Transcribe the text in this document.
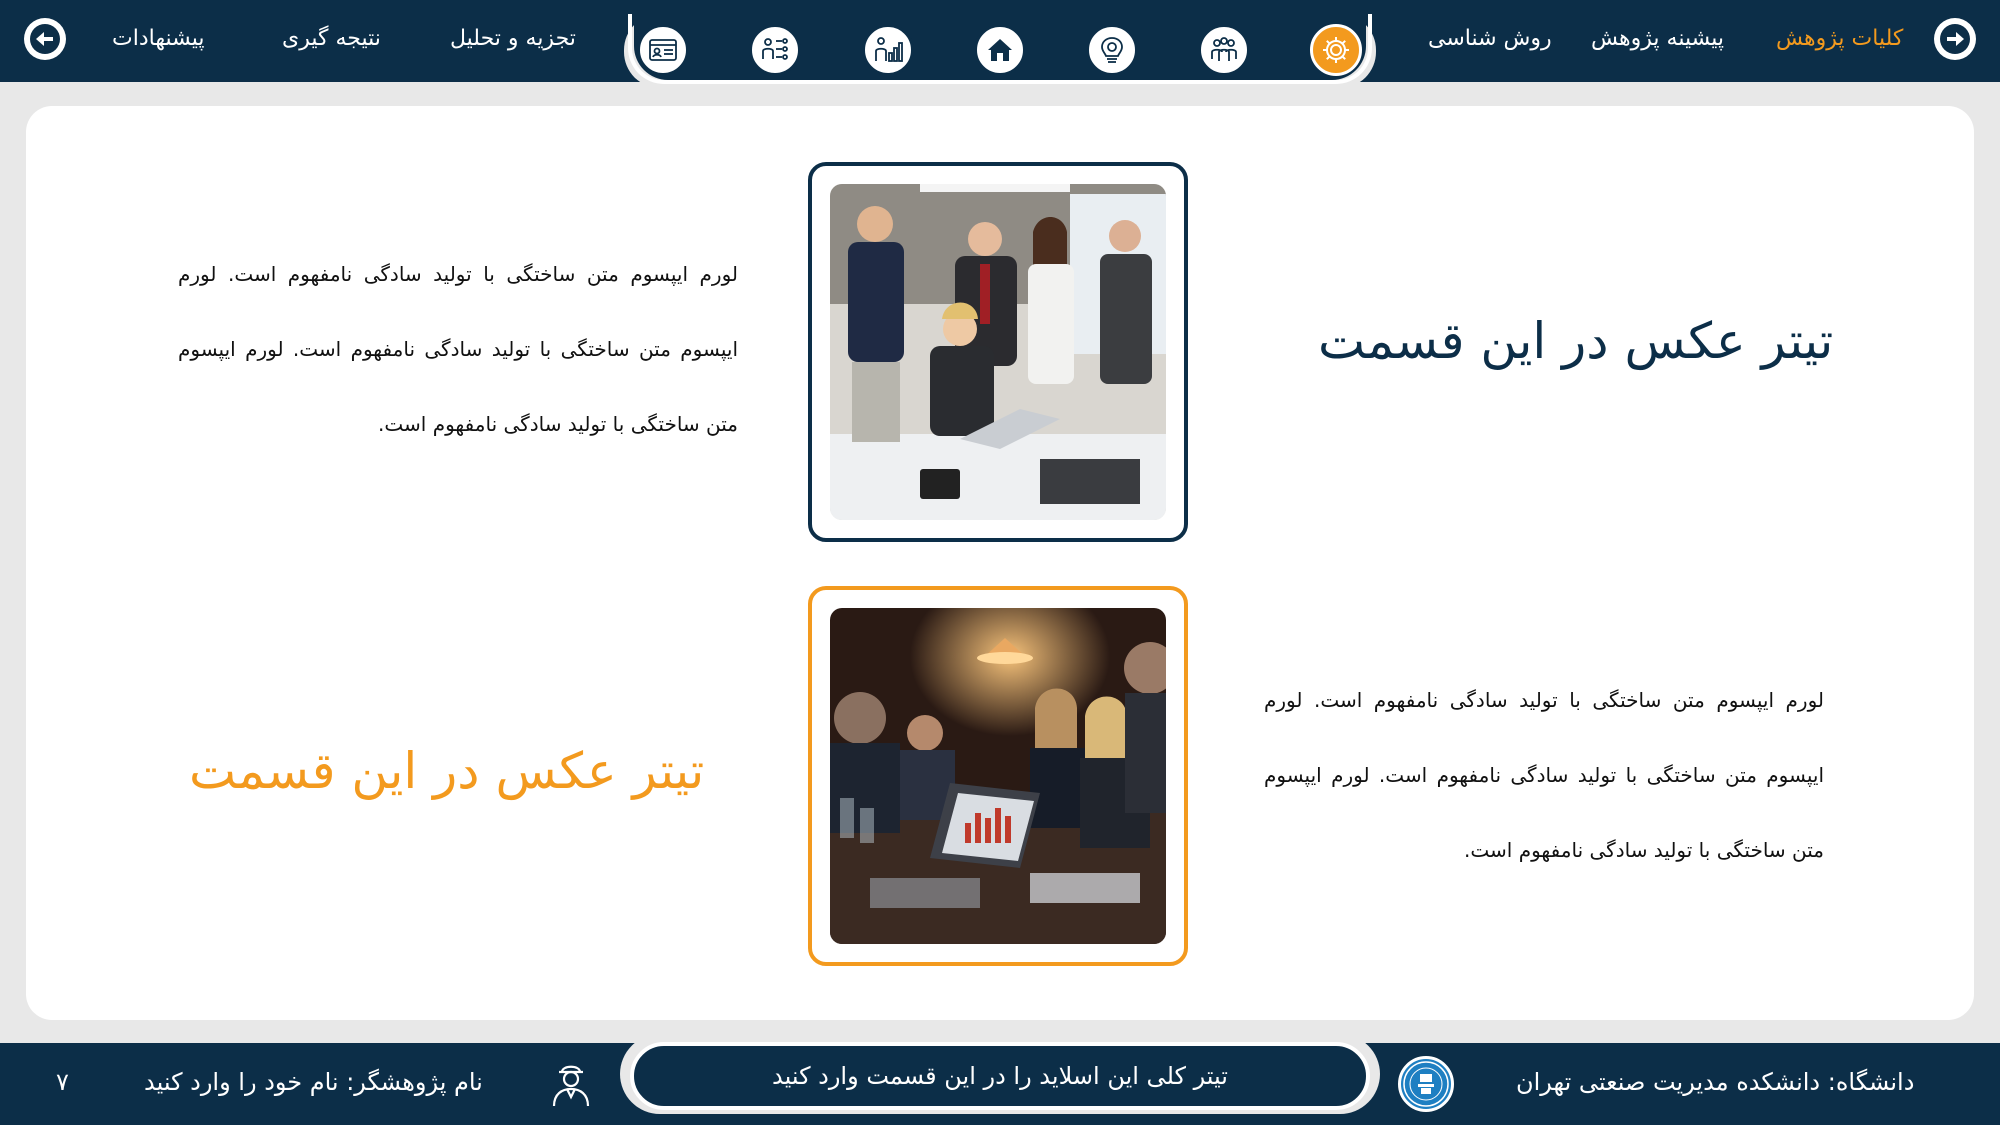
پیشنهادات	نتیجه گیری	تجزیه و تحلیل	روش شناسی پیشینه پژوهش کلیات پژوهش
تیتر عکس در این قسمت
لورم ایپسوم متن ساختگی با تولید سادگی نامفهوم است. لورم ایپسوم متن ساختگی با تولید سادگی نامفهوم است. لورم ایپسوم متن ساختگی با تولید سادگی نامفهوم است.
تیتر عکس در این قسمت
لورم ایپسوم متن ساختگی با تولید سادگی نامفهوم است. لورم ایپسوم متن ساختگی با تولید سادگی نامفهوم است. لورم ایپسوم متن ساختگی با تولید سادگی نامفهوم است.
تیتر کلی این اسلاید را در این قسمت وارد کنید
۷	نام پژوهشگر: نام خود را وارد کنید	دانشگاه: دانشکده مدیریت صنعتی تهران
